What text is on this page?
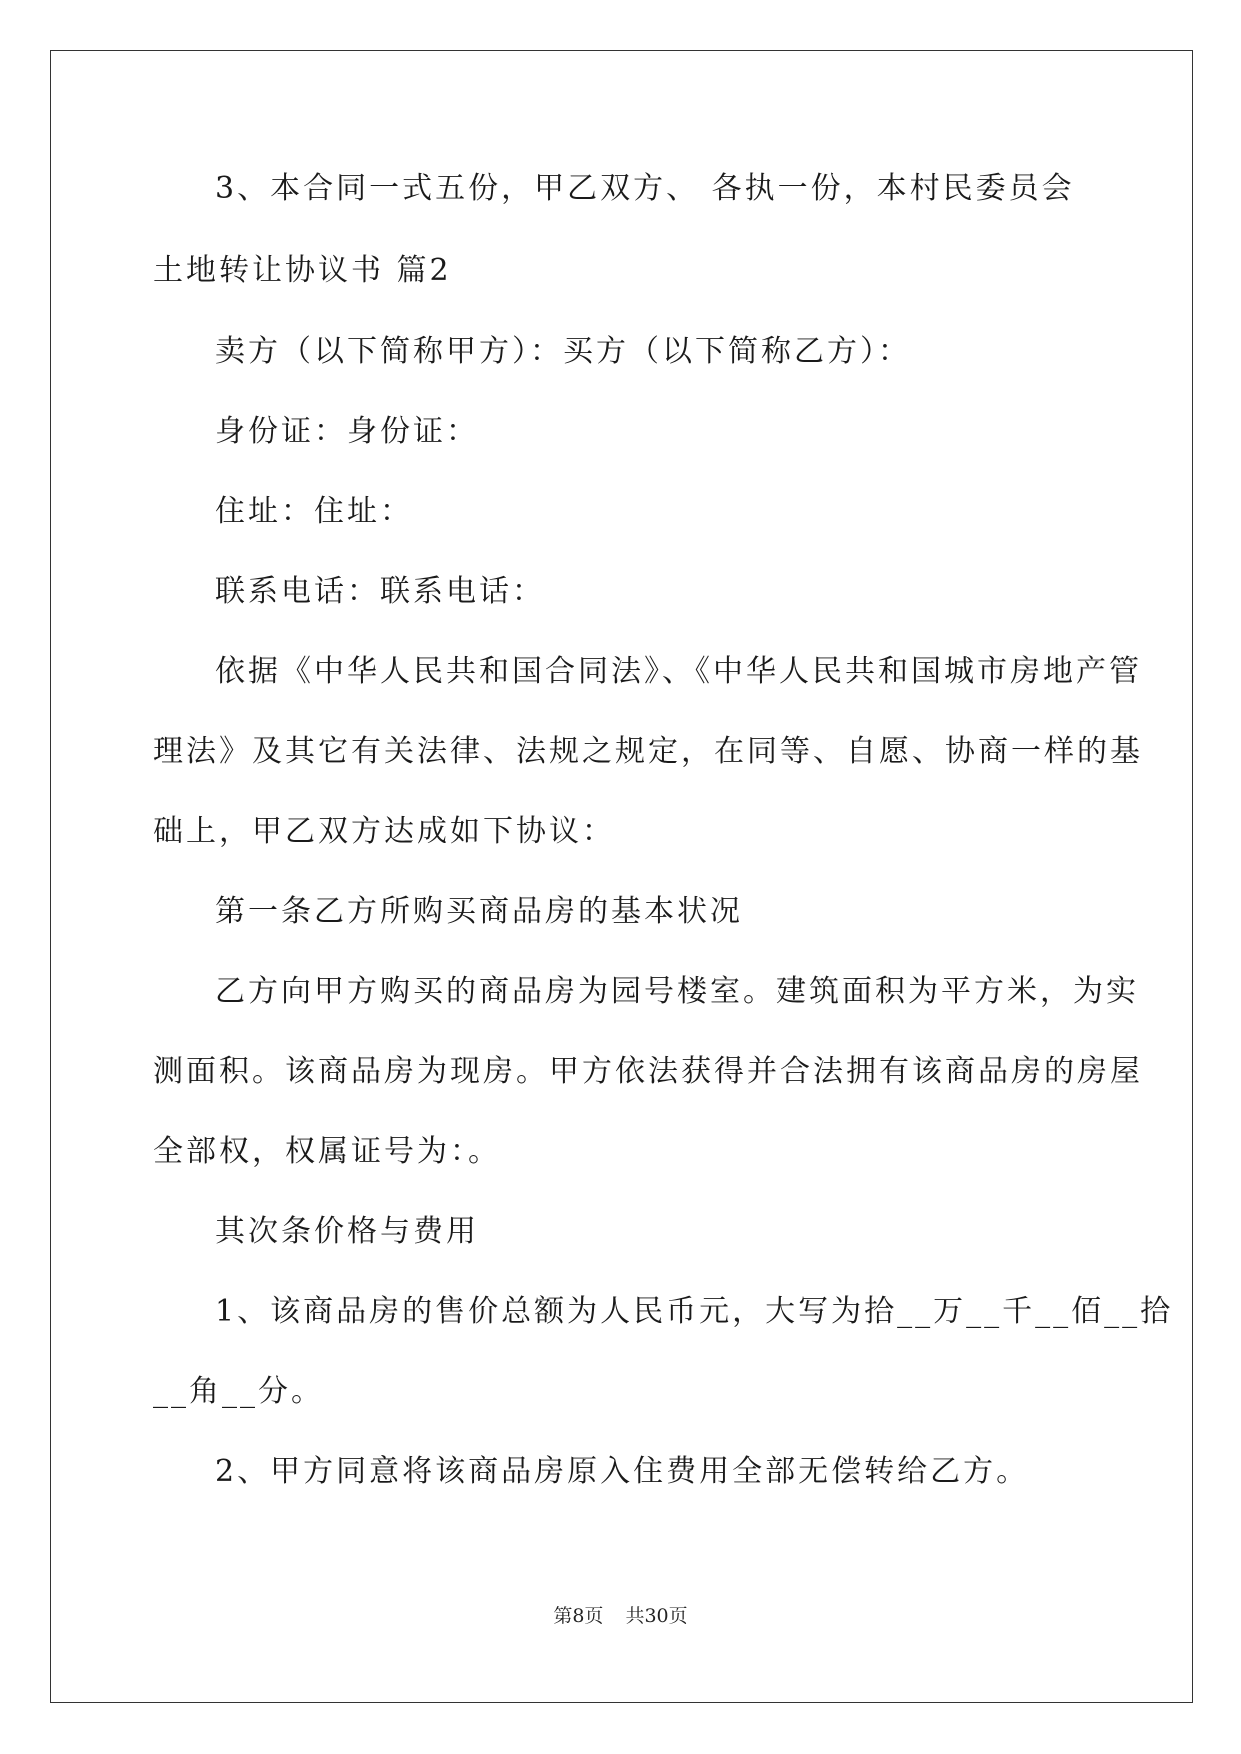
3、本合同一式五份，甲乙双方、 各执一份，本村民委员会
土地转让协议书 篇2
卖方（以下简称甲方）：买方（以下简称乙方）：
身份证：身份证：
住址：住址：
联系电话：联系电话：
依据《中华人民共和国合同法》、《中华人民共和国城市房地产管
理法》及其它有关法律、法规之规定，在同等、自愿、协商一样的基
础上，甲乙双方达成如下协议：
第一条乙方所购买商品房的基本状况
乙方向甲方购买的商品房为园号楼室。建筑面积为平方米，为实
测面积。该商品房为现房。甲方依法获得并合法拥有该商品房的房屋
全部权，权属证号为：。
其次条价格与费用
1、该商品房的售价总额为人民币元，大写为拾__万__千__佰__拾
__角__分。
2、甲方同意将该商品房原入住费用全部无偿转给乙方。
第8页 共30页
